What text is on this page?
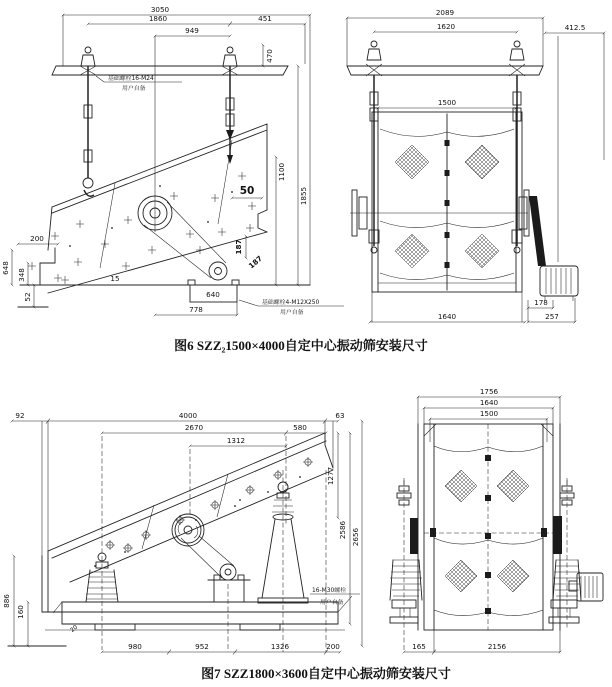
3050
1860	451
949
470
基础螺栓16-M24
用户自备
50
1100
1855
200
648
348
52
15
187
187
640
778
基础螺栓4-M12X250
用户自备
2089
1620	412.5
1500
1640
178
257
图6 SZZ₂1500×4000自定中心振动筛安装尺寸
92	4000	63
2670	580
1312
1277
2586 2656
886
160
20
980	952	1326	200
16-M30螺栓
用户自备
1756
1640
1500
165	2156
图7 SZZ1800×3600自定中心振动筛安装尺寸
